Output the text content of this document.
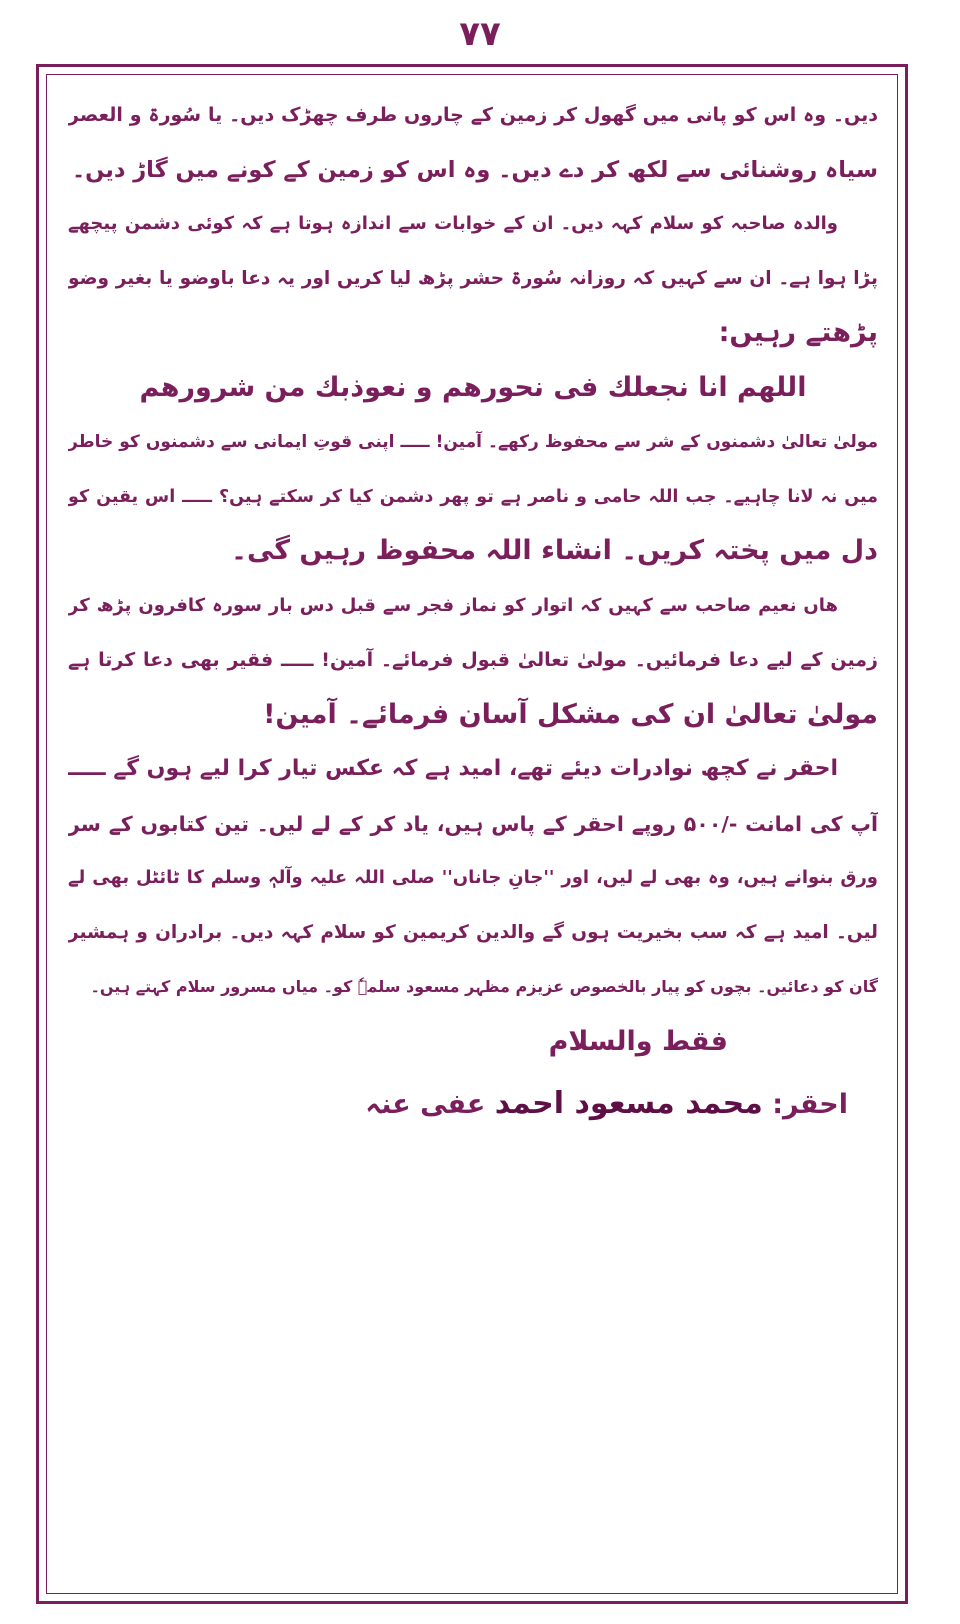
۷۷
دیں۔ وہ اس کو پانی میں گھول کر زمین کے چاروں طرف چھڑک دیں۔ یا سُورۃ و العصر
سیاہ روشنائی سے لکھ کر دے دیں۔ وہ اس کو زمین کے کونے میں گاڑ دیں۔
والدہ صاحبہ کو سلام کہہ دیں۔ ان کے خوابات سے اندازہ ہوتا ہے کہ کوئی دشمن پیچھے
پڑا ہوا ہے۔ ان سے کہیں کہ روزانہ سُورۃ حشر پڑھ لیا کریں اور یہ دعا باوضو یا بغیر وضو
پڑھتے رہیں:
اللھم انا نجعلك فی نحورھم و نعوذبك من شرورھم
مولیٰ تعالیٰ دشمنوں کے شر سے محفوظ رکھے۔ آمین! ـــــ اپنی قوتِ ایمانی سے دشمنوں کو خاطر
میں نہ لانا چاہیے۔ جب اللہ حامی و ناصر ہے تو پھر دشمن کیا کر سکتے ہیں؟ ـــــ اس یقین کو
دل میں پختہ کریں۔ انشاء اللہ محفوظ رہیں گی۔
ھاں نعیم صاحب سے کہیں کہ اتوار کو نماز فجر سے قبل دس بار سورہ کافرون پڑھ کر
زمین کے لیے دعا فرمائیں۔ مولیٰ تعالیٰ قبول فرمائے۔ آمین! ـــــ فقیر بھی دعا کرتا ہے
مولیٰ تعالیٰ ان کی مشکل آسان فرمائے۔ آمین!
احقر نے کچھ نوادرات دیئے تھے، امید ہے کہ عکس تیار کرا لیے ہوں گے ـــــ
آپ کی امانت -/۵۰۰ روپے احقر کے پاس ہیں، یاد کر کے لے لیں۔ تین کتابوں کے سر
ورق بنوانے ہیں، وہ بھی لے لیں، اور ''جانِ جاناں'' صلی اللہ علیہ وآلہٖ وسلم کا ٹائٹل بھی لے
لیں۔ امید ہے کہ سب بخیریت ہوں گے والدین کریمین کو سلام کہہ دیں۔ برادران و ہمشیر
گان کو دعائیں۔ بچوں کو پیار بالخصوص عزیزم مظہر مسعود سلمہٗ کو۔ میاں مسرور سلام کہتے ہیں۔
فقط والسلام
احقر: محمد مسعود احمد عفی عنہ
